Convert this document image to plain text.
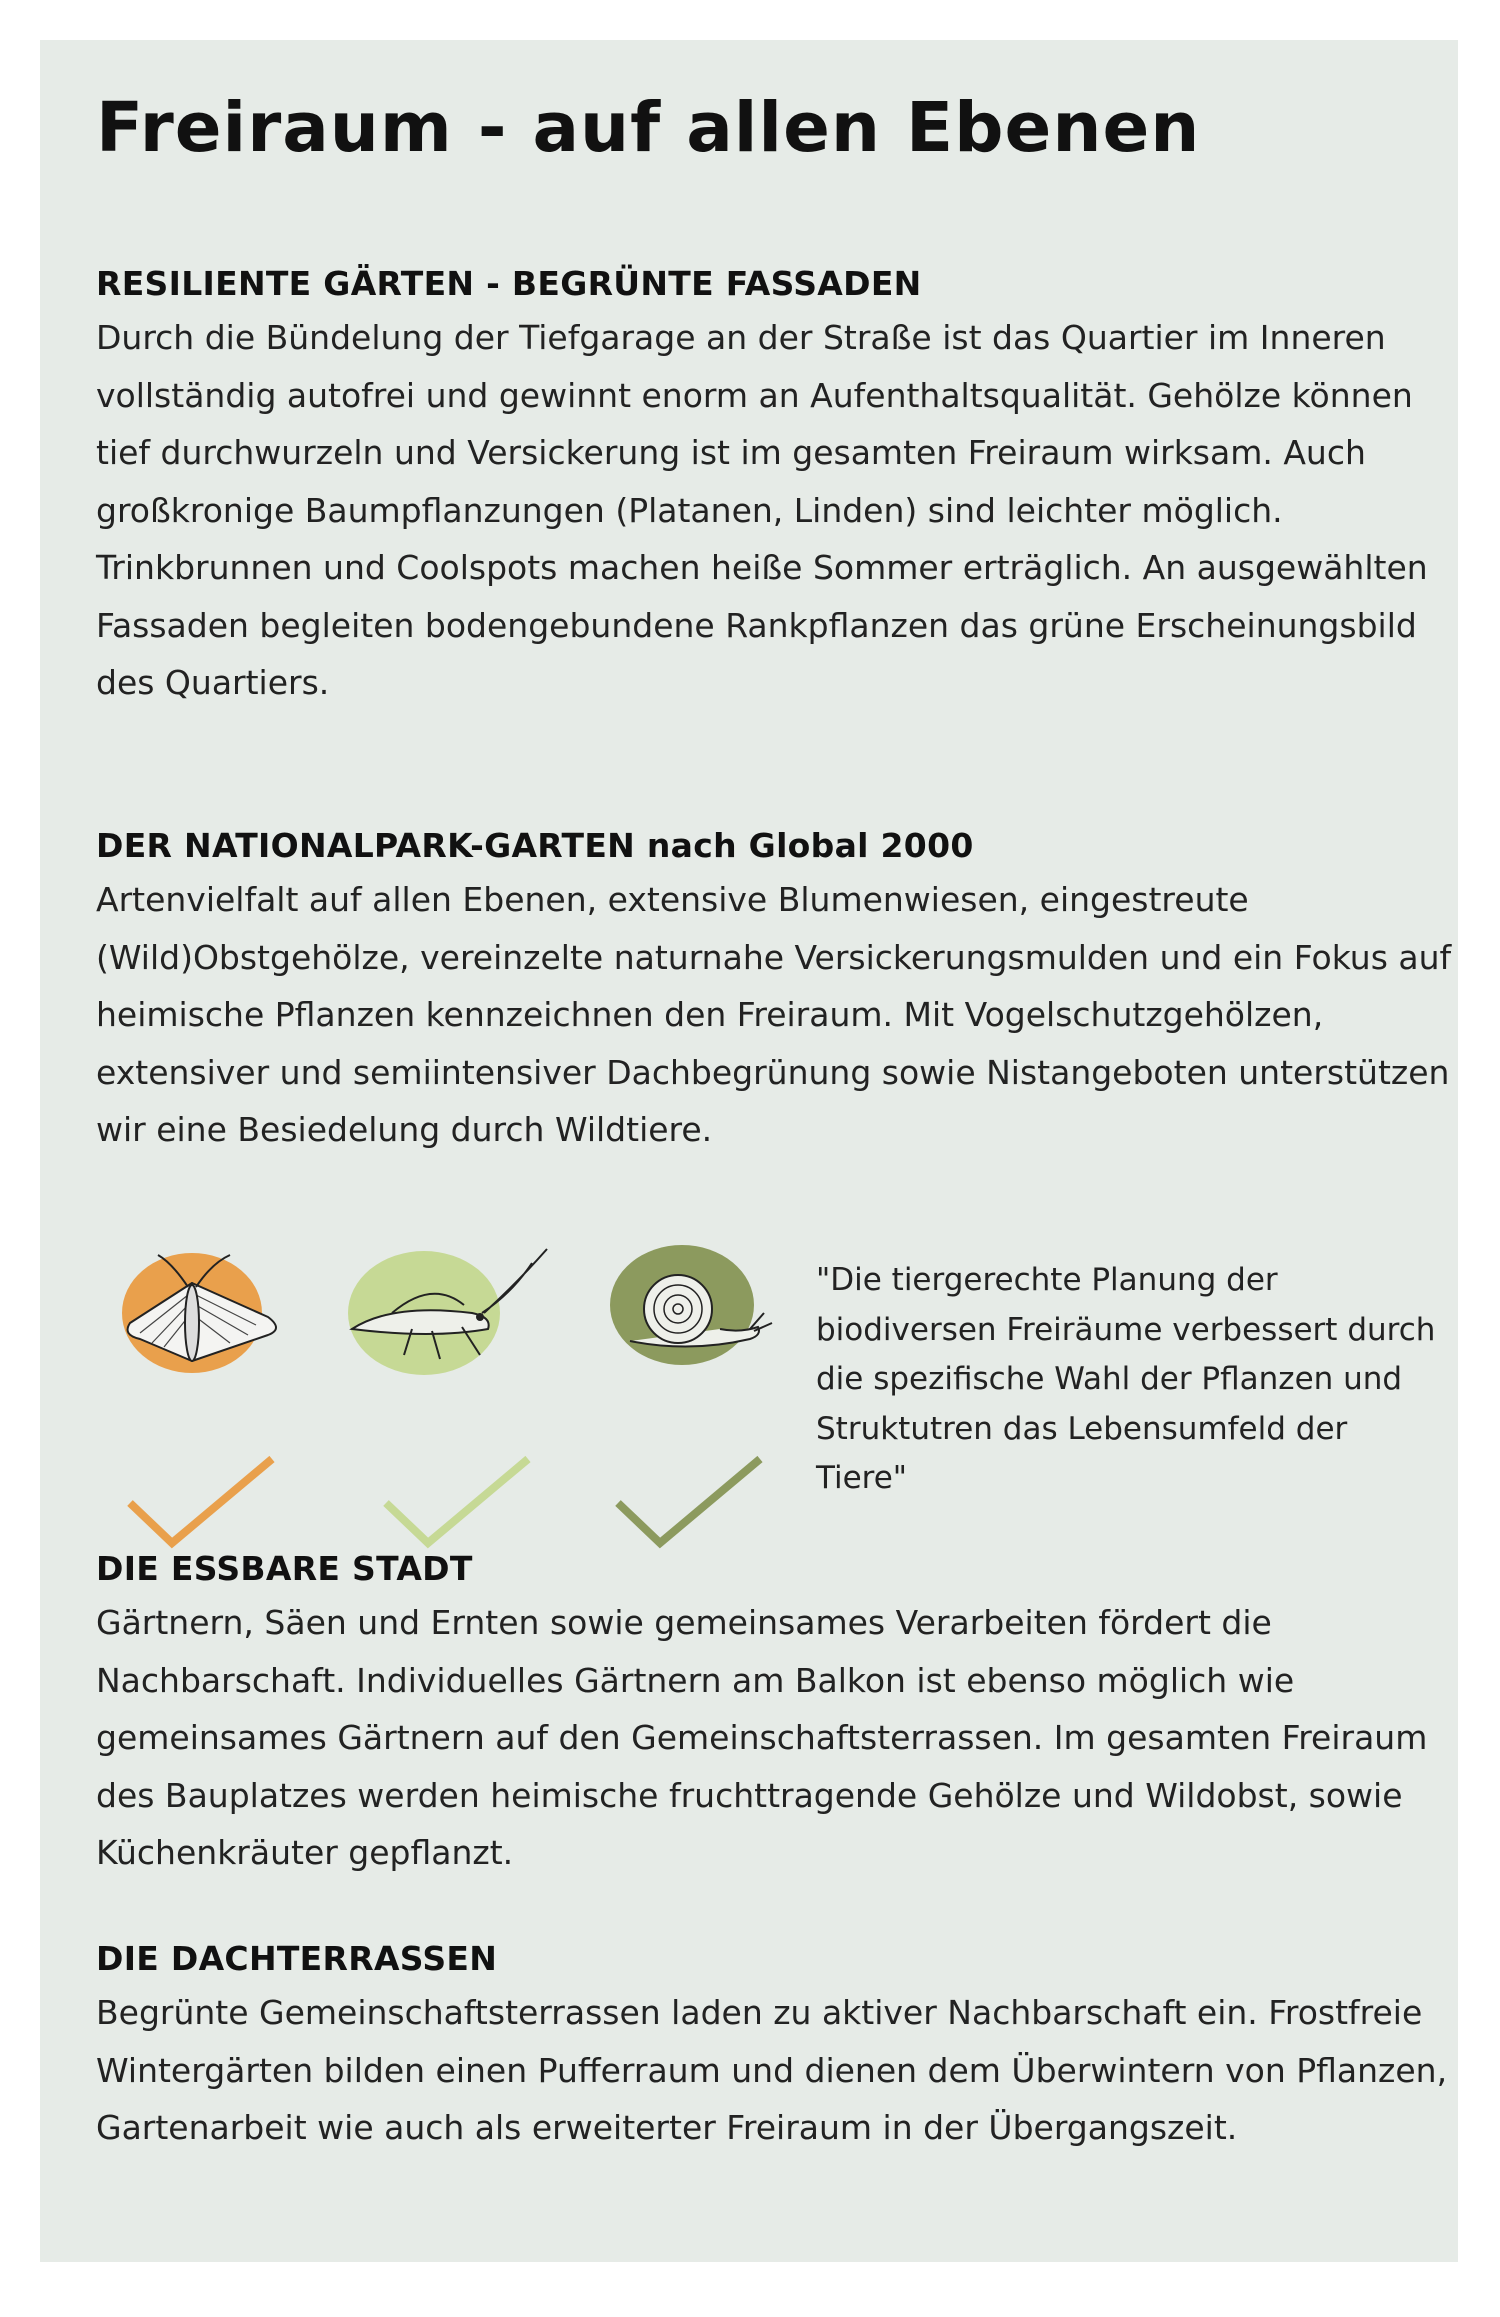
Freiraum - auf allen Ebenen
RESILIENTE GÄRTEN - BEGRÜNTE FASSADEN

Durch die Bündelung der Tiefgarage an der Straße ist das Quartier im Inneren vollständig autofrei und gewinnt enorm an Aufenthaltsqualität. Gehölze können tief durchwurzeln und Versickerung ist im gesamten Freiraum wirksam. Auch großkronige Baumpflanzungen (Platanen, Linden) sind leichter möglich. Trinkbrunnen und Coolspots machen heiße Sommer erträglich. An ausgewählten Fassaden begleiten bodengebundene Rankpflanzen das grüne Erscheinungsbild des Quartiers.

DER NATIONALPARK-GARTEN nach Global 2000

Artenvielfalt auf allen Ebenen, extensive Blumenwiesen, eingestreute (Wild)Obstgehölze, vereinzelte naturnahe Versickerungsmulden und ein Fokus auf heimische Pflanzen kennzeichnen den Freiraum. Mit Vogelschutzgehölzen, extensiver und semiintensiver Dachbegrünung sowie Nistangeboten unterstützen wir eine Besiedelung durch Wildtiere.

"Die tiergerechte Planung der biodiversen Freiräume verbessert durch die spezifische Wahl der Pflanzen und Struktutren das Lebensumfeld der Tiere"

DIE ESSBARE STADT

Gärtnern, Säen und Ernten sowie gemeinsames Verarbeiten fördert die Nachbarschaft. Individuelles Gärtnern am Balkon ist ebenso möglich wie gemeinsames Gärtnern auf den Gemeinschaftsterrassen. Im gesamten Freiraum des Bauplatzes werden heimische fruchttragende Gehölze und Wildobst, sowie Küchenkräuter gepflanzt.

DIE DACHTERRASSEN

Begrünte Gemeinschaftsterrassen laden zu aktiver Nachbarschaft ein. Frostfreie Wintergärten bilden einen Pufferraum und dienen dem Überwintern von Pflanzen, Gartenarbeit wie auch als erweiterter Freiraum in der Übergangszeit.
